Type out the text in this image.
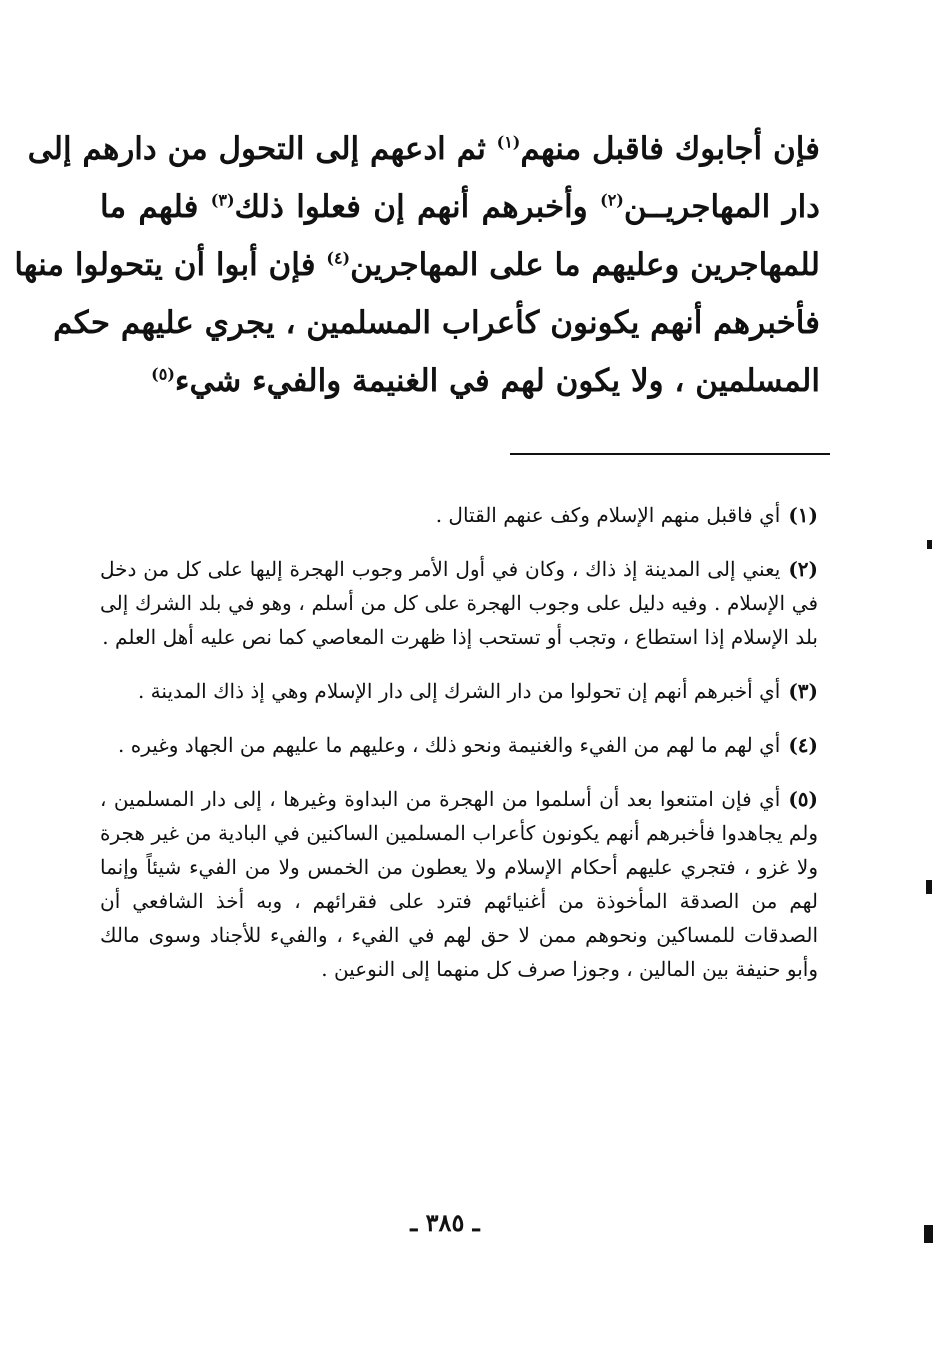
فإن أجابوك فاقبل منهم$^{(١)}$ ثم ادعهم إلى التحول من دارهم إلى
دار المهاجريــن$^{(٢)}$ وأخبرهم أنهم إن فعلوا ذلك$^{(٣)}$ فلهم ما
للمهاجرين وعليهم ما على المهاجرين$^{(٤)}$ فإن أبوا أن يتحولوا منها
فأخبرهم أنهم يكونون كأعراب المسلمين ، يجري عليهم حكم
المسلمين ، ولا يكون لهم في الغنيمة والفيء شيء$^{(٥)}$

(١)أي فاقبل منهم الإسلام وكف عنهم القتال .

(٢)يعني إلى المدينة إذ ذاك ، وكان في أول الأمر وجوب الهجرة إليها على كل من دخل في الإسلام . وفيه دليل على وجوب الهجرة على كل من أسلم ، وهو في بلد الشرك إلى بلد الإسلام إذا استطاع ، وتجب أو تستحب إذا ظهرت المعاصي كما نص عليه أهل العلم .

(٣)أي أخبرهم أنهم إن تحولوا من دار الشرك إلى دار الإسلام وهي إذ ذاك المدينة .

(٤)أي لهم ما لهم من الفيء والغنيمة ونحو ذلك ، وعليهم ما عليهم من الجهاد وغيره .

(٥)أي فإن امتنعوا بعد أن أسلموا من الهجرة من البداوة وغيرها ، إلى دار المسلمين ، ولم يجاهدوا فأخبرهم أنهم يكونون كأعراب المسلمين الساكنين في البادية من غير هجرة ولا غزو ، فتجري عليهم أحكام الإسلام ولا يعطون من الخمس ولا من الفيء شيئاً وإنما لهم من الصدقة المأخوذة من أغنيائهم فترد على فقرائهم ، وبه أخذ الشافعي أن الصدقات للمساكين ونحوهم ممن لا حق لهم في الفيء ، والفيء للأجناد وسوى مالك وأبو حنيفة بين المالين ، وجوزا صرف كل منهما إلى النوعين .

ـ ٣٨٥ ـ
